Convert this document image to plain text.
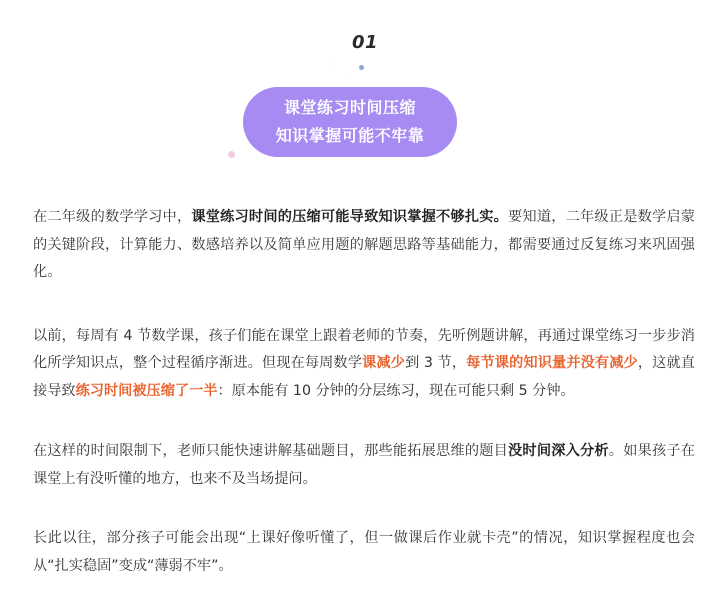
01
课堂练习时间压缩
知识掌握可能不牢靠

在二年级的数学学习中，课堂练习时间的压缩可能导致知识掌握不够扎实。要知道，二年级正是数学启蒙的关键阶段，计算能力、数感培养以及简单应用题的解题思路等基础能力，都需要通过反复练习来巩固强化。

以前，每周有 4 节数学课，孩子们能在课堂上跟着老师的节奏，先听例题讲解，再通过课堂练习一步步消化所学知识点，整个过程循序渐进。但现在每周数学课减少到 3 节，每节课的知识量并没有减少，这就直接导致练习时间被压缩了一半：原本能有 10 分钟的分层练习，现在可能只剩 5 分钟。

在这样的时间限制下，老师只能快速讲解基础题目，那些能拓展思维的题目没时间深入分析。如果孩子在课堂上有没听懂的地方，也来不及当场提问。

长此以往，部分孩子可能会出现“上课好像听懂了，但一做课后作业就卡壳”的情况，知识掌握程度也会从“扎实稳固”变成“薄弱不牢”。
